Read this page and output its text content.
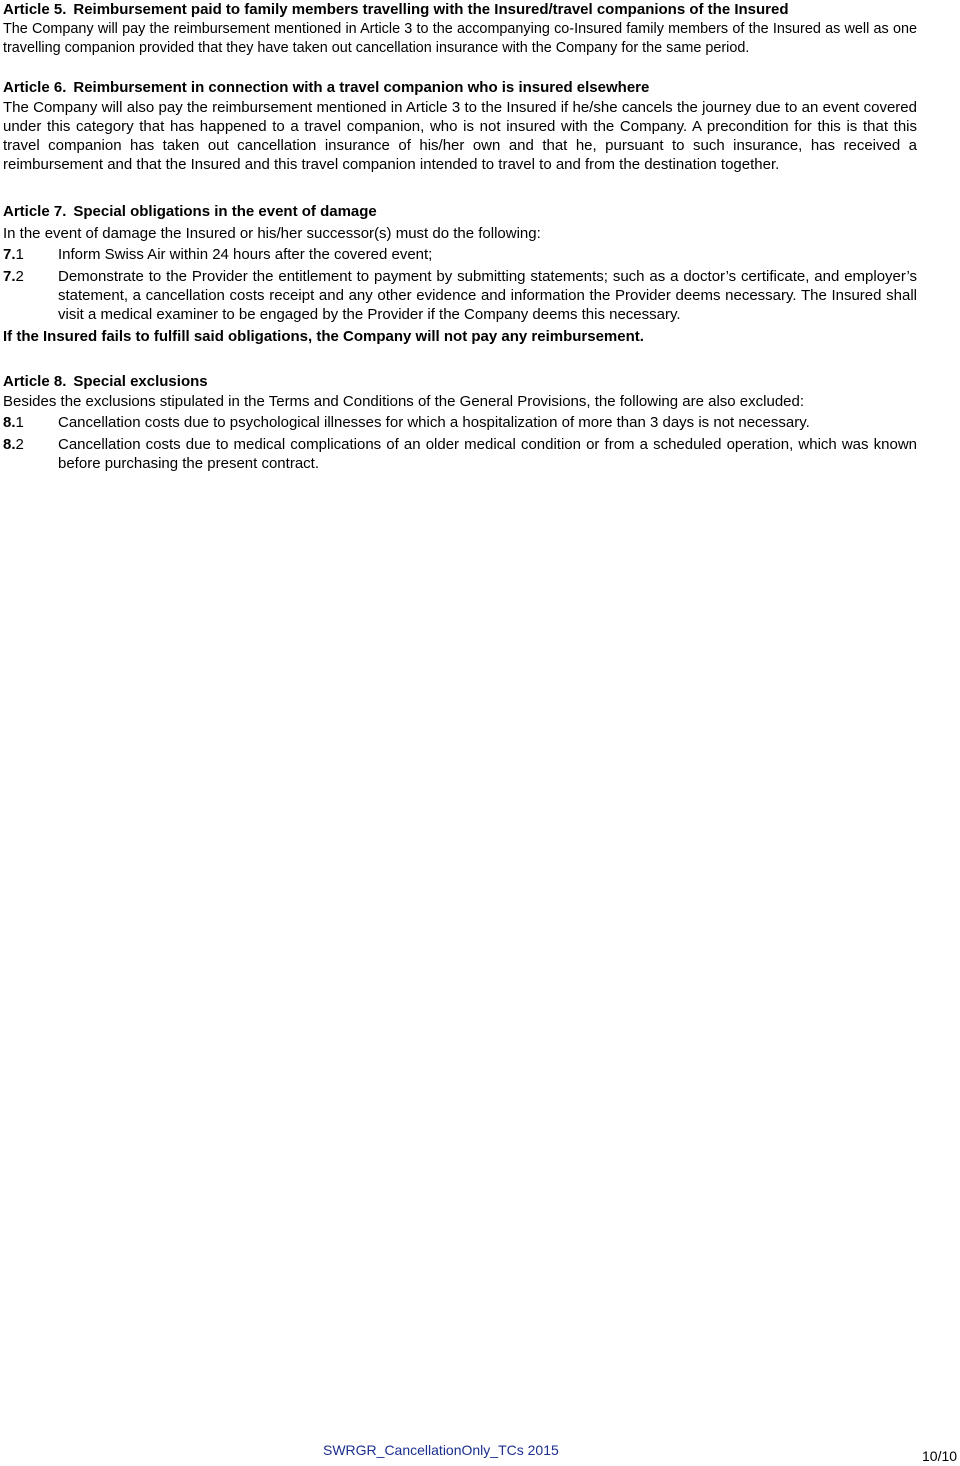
Article 5. Reimbursement paid to family members travelling with the Insured/travel companions of the Insured

The Company will pay the reimbursement mentioned in Article 3 to the accompanying co-Insured family members of the Insured as well as one travelling companion provided that they have taken out cancellation insurance with the Company for the same period.

Article 6. Reimbursement in connection with a travel companion who is insured elsewhere

The Company will also pay the reimbursement mentioned in Article 3 to the Insured if he/she cancels the journey due to an event covered under this category that has happened to a travel companion, who is not insured with the Company. A precondition for this is that this travel companion has taken out cancellation insurance of his/her own and that he, pursuant to such insurance, has received a reimbursement and that the Insured and this travel companion intended to travel to and from the destination together.

Article 7. Special obligations in the event of damage

In the event of damage the Insured or his/her successor(s) must do the following:

7.1	Inform Swiss Air within 24 hours after the covered event;
7.2	Demonstrate to the Provider the entitlement to payment by submitting statements; such as a doctor’s certificate, and employer’s statement, a cancellation costs receipt and any other evidence and information the Provider deems necessary. The Insured shall visit a medical examiner to be engaged by the Provider if the Company deems this necessary.

If the Insured fails to fulfill said obligations, the Company will not pay any reimbursement.

Article 8. Special exclusions

Besides the exclusions stipulated in the Terms and Conditions of the General Provisions, the following are also excluded:

8.1	Cancellation costs due to psychological illnesses for which a hospitalization of more than 3 days is not necessary.
8.2	Cancellation costs due to medical complications of an older medical condition or from a scheduled operation, which was known before purchasing the present contract.
SWRGR_CancellationOnly_TCs 2015	10/10
